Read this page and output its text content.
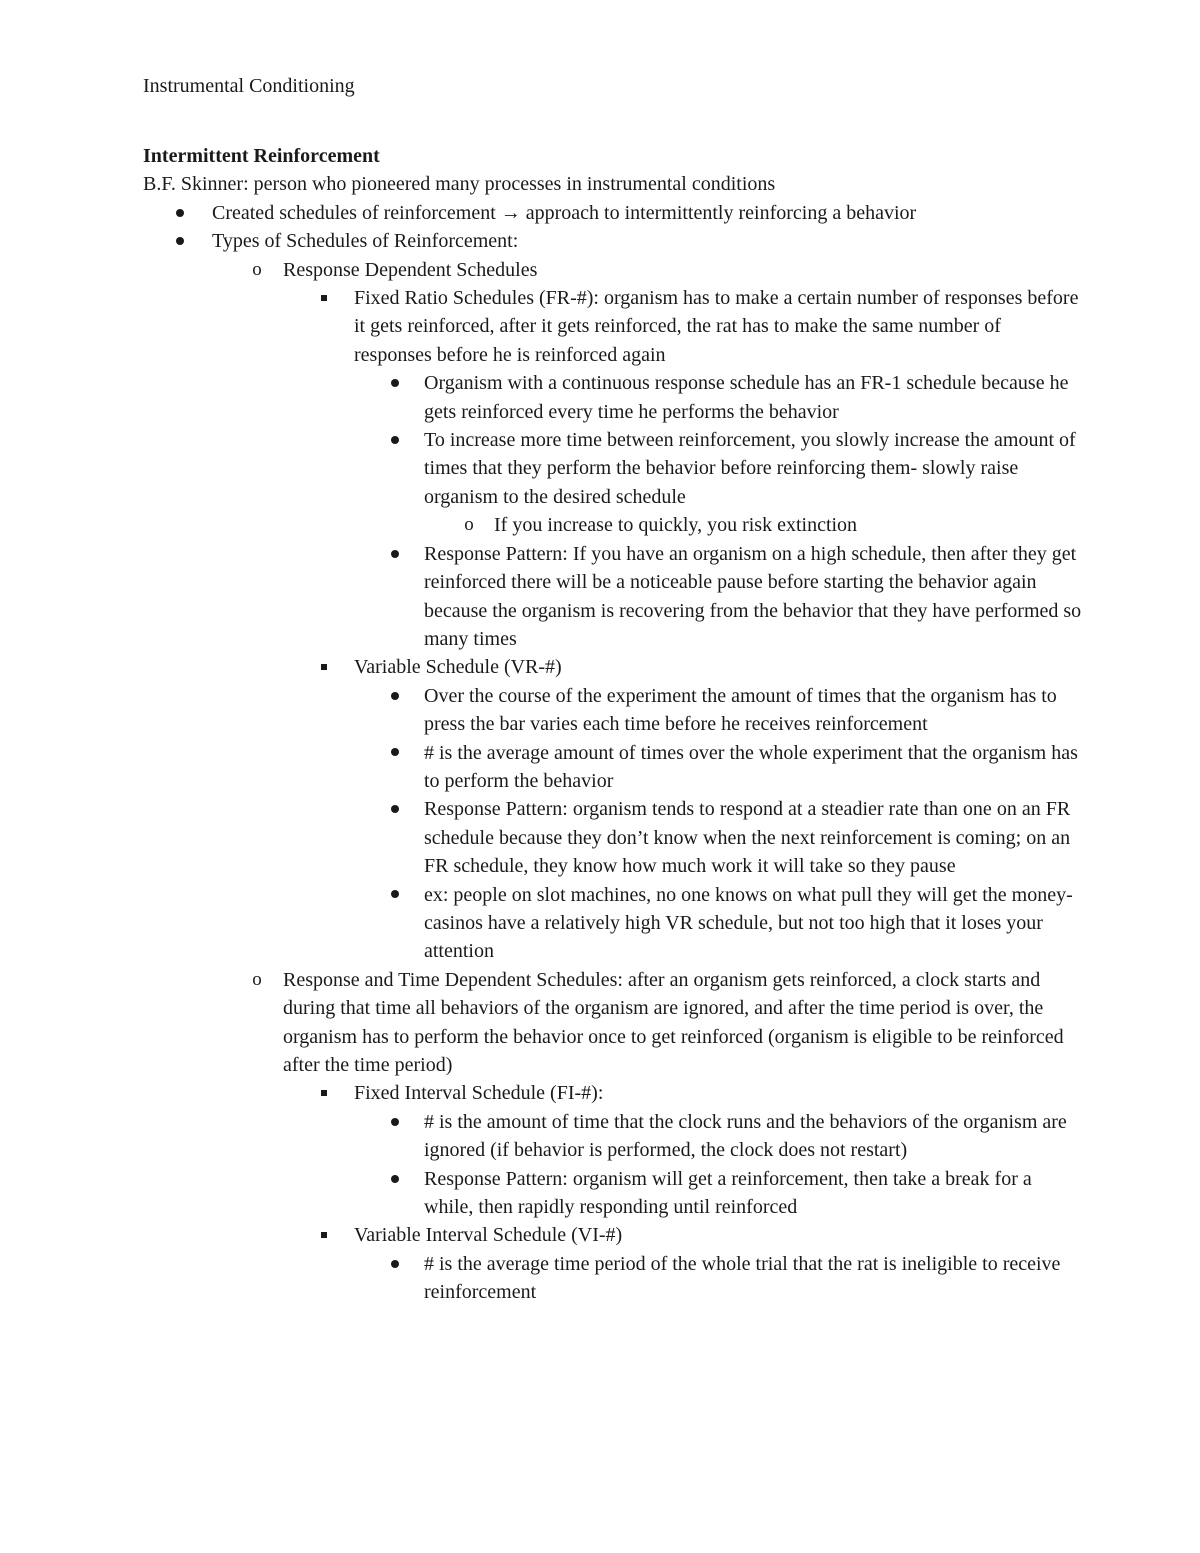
Instrumental Conditioning
Intermittent Reinforcement

B.F. Skinner: person who pioneered many processes in instrumental conditions

Created schedules of reinforcement → approach to intermittently reinforcing a behavior
Types of Schedules of Reinforcement:
o Response Dependent Schedules
Fixed Ratio Schedules (FR-#): organism has to make a certain number of responses before it gets reinforced, after it gets reinforced, the rat has to make the same number of responses before he is reinforced again
Organism with a continuous response schedule has an FR-1 schedule because he gets reinforced every time he performs the behavior
To increase more time between reinforcement, you slowly increase the amount of times that they perform the behavior before reinforcing them- slowly raise organism to the desired schedule
o If you increase to quickly, you risk extinction
Response Pattern: If you have an organism on a high schedule, then after they get reinforced there will be a noticeable pause before starting the behavior again because the organism is recovering from the behavior that they have performed so many times
Variable Schedule (VR-#)
Over the course of the experiment the amount of times that the organism has to press the bar varies each time before he receives reinforcement
# is the average amount of times over the whole experiment that the organism has to perform the behavior
Response Pattern: organism tends to respond at a steadier rate than one on an FR schedule because they don’t know when the next reinforcement is coming; on an FR schedule, they know how much work it will take so they pause
ex: people on slot machines, no one knows on what pull they will get the money- casinos have a relatively high VR schedule, but not too high that it loses your attention
o Response and Time Dependent Schedules: after an organism gets reinforced, a clock starts and during that time all behaviors of the organism are ignored, and after the time period is over, the organism has to perform the behavior once to get reinforced (organism is eligible to be reinforced after the time period)
Fixed Interval Schedule (FI-#):
# is the amount of time that the clock runs and the behaviors of the organism are ignored (if behavior is performed, the clock does not restart)
Response Pattern: organism will get a reinforcement, then take a break for a while, then rapidly responding until reinforced
Variable Interval Schedule (VI-#)
# is the average time period of the whole trial that the rat is ineligible to receive reinforcement
